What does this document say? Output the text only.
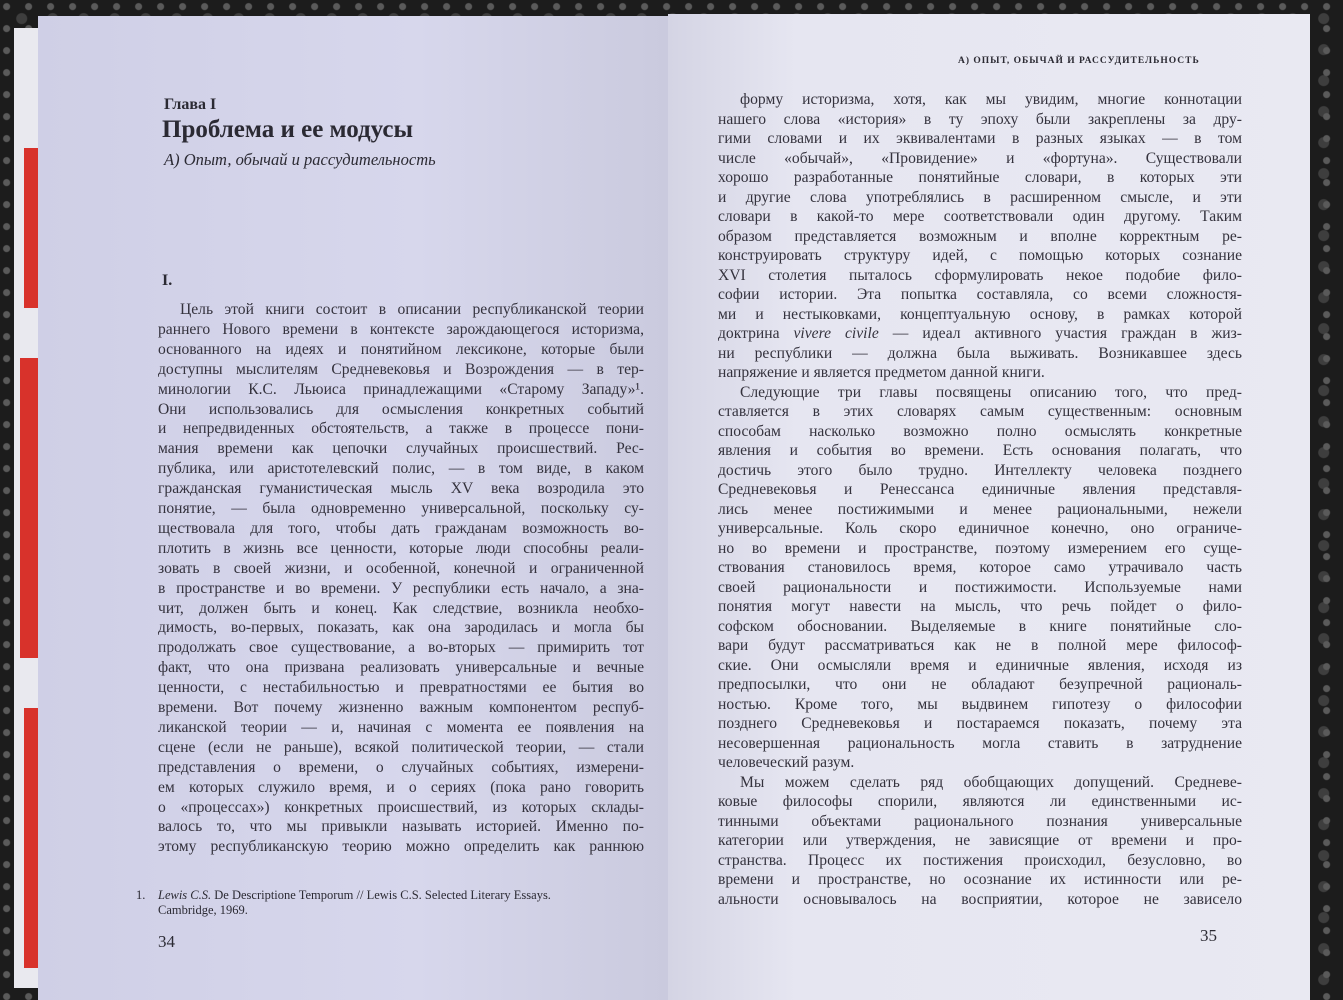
Глава I
Проблема и ее модусы
А) Опыт, обычай и рассудительность
I.
Цель этой книги состоит в описании республиканской теории
раннего Нового времени в контексте зарождающегося историзма,
основанного на идеях и понятийном лексиконе, которые были
доступны мыслителям Средневековья и Возрождения — в тер-
минологии К.С. Льюиса принадлежащими «Старому Западу»¹.
Они использовались для осмысления конкретных событий
и непредвиденных обстоятельств, а также в процессе пони-
мания времени как цепочки случайных происшествий. Рес-
публика, или аристотелевский полис, — в том виде, в каком
гражданская гуманистическая мысль XV века возродила это
понятие, — была одновременно универсальной, поскольку су-
ществовала для того, чтобы дать гражданам возможность во-
плотить в жизнь все ценности, которые люди способны реали-
зовать в своей жизни, и особенной, конечной и ограниченной
в пространстве и во времени. У республики есть начало, а зна-
чит, должен быть и конец. Как следствие, возникла необхо-
димость, во-первых, показать, как она зародилась и могла бы
продолжать свое существование, а во-вторых — примирить тот
факт, что она призвана реализовать универсальные и вечные
ценности, с нестабильностью и превратностями ее бытия во
времени. Вот почему жизненно важным компонентом респуб-
ликанской теории — и, начиная с момента ее появления на
сцене (если не раньше), всякой политической теории, — стали
представления о времени, о случайных событиях, измерени-
ем которых служило время, и о сериях (пока рано говорить
о «процессах») конкретных происшествий, из которых склады-
валось то, что мы привыкли называть историей. Именно по-
этому республиканскую теорию можно определить как раннюю
1. Lewis C.S. De Descriptione Temporum // Lewis C.S. Selected Literary Essays.
Cambridge, 1969.
34
А) ОПЫТ, ОБЫЧАЙ И РАССУДИТЕЛЬНОСТЬ
форму историзма, хотя, как мы увидим, многие коннотации
нашего слова «история» в ту эпоху были закреплены за дру-
гими словами и их эквивалентами в разных языках — в том
числе «обычай», «Провидение» и «фортуна». Существовали
хорошо разработанные понятийные словари, в которых эти
и другие слова употреблялись в расширенном смысле, и эти
словари в какой-то мере соответствовали один другому. Таким
образом представляется возможным и вполне корректным ре-
конструировать структуру идей, с помощью которых сознание
XVI столетия пыталось сформулировать некое подобие фило-
софии истории. Эта попытка составляла, со всеми сложностя-
ми и нестыковками, концептуальную основу, в рамках которой
доктрина vivere civile — идеал активного участия граждан в жиз-
ни республики — должна была выживать. Возникавшее здесь
напряжение и является предметом данной книги.
Следующие три главы посвящены описанию того, что пред-
ставляется в этих словарях самым существенным: основным
способам насколько возможно полно осмыслять конкретные
явления и события во времени. Есть основания полагать, что
достичь этого было трудно. Интеллекту человека позднего
Средневековья и Ренессанса единичные явления представля-
лись менее постижимыми и менее рациональными, нежели
универсальные. Коль скоро единичное конечно, оно ограниче-
но во времени и пространстве, поэтому измерением его суще-
ствования становилось время, которое само утрачивало часть
своей рациональности и постижимости. Используемые нами
понятия могут навести на мысль, что речь пойдет о фило-
софском обосновании. Выделяемые в книге понятийные сло-
вари будут рассматриваться как не в полной мере философ-
ские. Они осмысляли время и единичные явления, исходя из
предпосылки, что они не обладают безупречной рациональ-
ностью. Кроме того, мы выдвинем гипотезу о философии
позднего Средневековья и постараемся показать, почему эта
несовершенная рациональность могла ставить в затруднение
человеческий разум.
Мы можем сделать ряд обобщающих допущений. Средневе-
ковые философы спорили, являются ли единственными ис-
тинными объектами рационального познания универсальные
категории или утверждения, не зависящие от времени и про-
странства. Процесс их постижения происходил, безусловно, во
времени и пространстве, но осознание их истинности или ре-
альности основывалось на восприятии, которое не зависело
35
